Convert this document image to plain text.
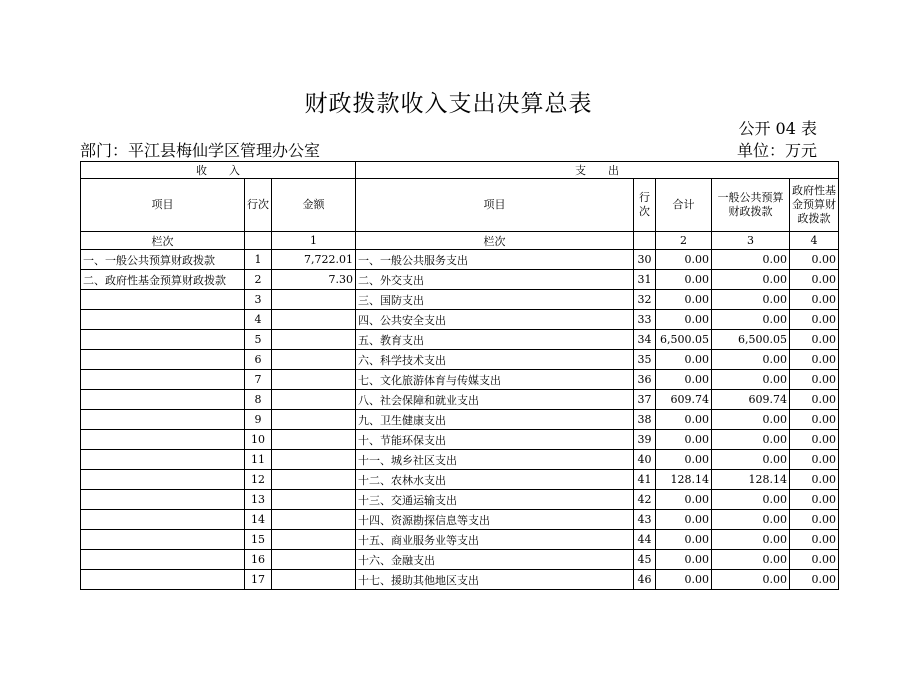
财政拨款收入支出决算总表
公开 04 表
部门：平江县梅仙学区管理办公室	单位：万元
收　　入			支　　出				
项目	行次	金额	项目	行次	合计	一般公共预算财政拨款	政府性基金预算财政拨款
栏次		1	栏次		2	3	4
一、一般公共预算财政拨款	1	7,722.01	一、一般公共服务支出	30	0.00	0.00	0.00
二、政府性基金预算财政拨款	2	7.30	二、外交支出	31	0.00	0.00	0.00
	3		三、国防支出	32	0.00	0.00	0.00
	4		四、公共安全支出	33	0.00	0.00	0.00
	5		五、教育支出	34	6,500.05	6,500.05	0.00
	6		六、科学技术支出	35	0.00	0.00	0.00
	7		七、文化旅游体育与传媒支出	36	0.00	0.00	0.00
	8		八、社会保障和就业支出	37	609.74	609.74	0.00
	9		九、卫生健康支出	38	0.00	0.00	0.00
	10		十、节能环保支出	39	0.00	0.00	0.00
	11		十一、城乡社区支出	40	0.00	0.00	0.00
	12		十二、农林水支出	41	128.14	128.14	0.00
	13		十三、交通运输支出	42	0.00	0.00	0.00
	14		十四、资源勘探信息等支出	43	0.00	0.00	0.00
	15		十五、商业服务业等支出	44	0.00	0.00	0.00
	16		十六、金融支出	45	0.00	0.00	0.00
	17		十七、援助其他地区支出	46	0.00	0.00	0.00
